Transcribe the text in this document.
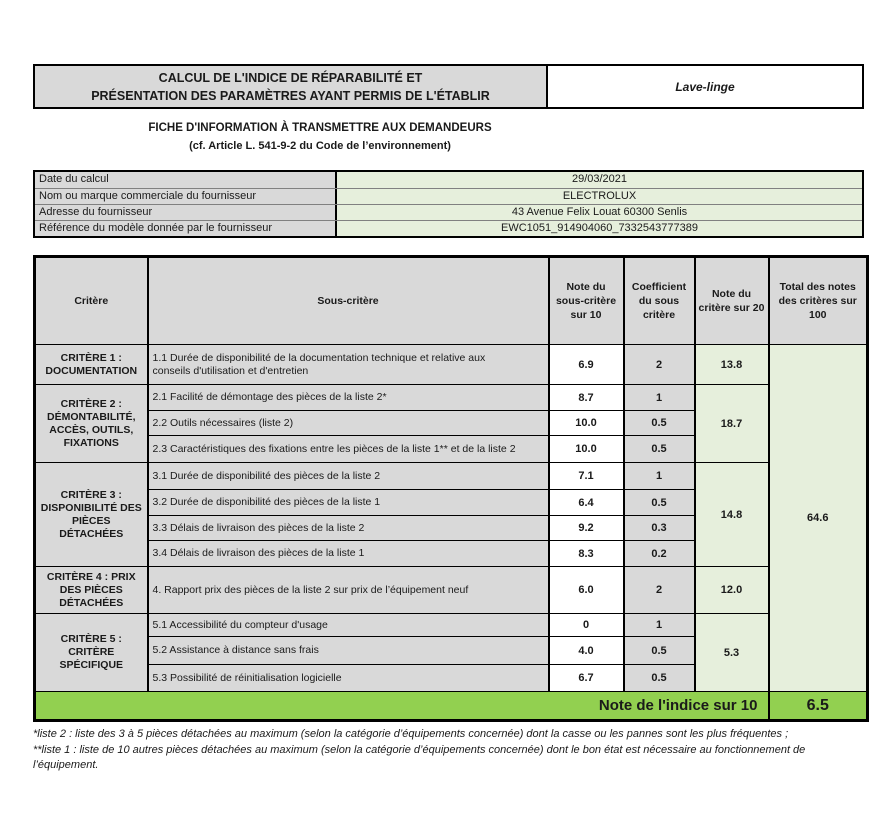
CALCUL DE L'INDICE DE RÉPARABILITÉ ET
PRÉSENTATION DES PARAMÈTRES AYANT PERMIS DE L'ÉTABLIR
Lave-linge
FICHE D'INFORMATION À TRANSMETTRE AUX DEMANDEURS
(cf. Article L. 541-9-2 du Code de l’environnement)
Date du calcul	29/03/2021
Nom ou marque commerciale du fournisseur	ELECTROLUX
Adresse du fournisseur	43 Avenue Felix Louat 60300 Senlis
Référence du modèle donnée par le fournisseur	EWC1051_914904060_7332543777389
Critère	Sous-critère	Note du sous-critère sur 10	Coefficient du sous critère	Note du critère sur 20	Total des notes des critères sur 100
CRITÈRE 1 : DOCUMENTATION	1.1 Durée de disponibilité de la documentation technique et relative aux conseils d'utilisation et d'entretien	6.9	2	13.8	64.6
CRITÈRE 2 : DÉMONTABILITÉ, ACCÈS, OUTILS, FIXATIONS	2.1 Facilité de démontage des pièces de la liste 2*	8.7	1	18.7	
	2.2 Outils nécessaires (liste 2)	10.0	0.5		
	2.3 Caractéristiques des fixations entre les pièces de la liste 1** et de la liste 2	10.0	0.5		
CRITÈRE 3 : DISPONIBILITÉ DES PIÈCES DÉTACHÉES	3.1 Durée de disponibilité des pièces de la liste 2	7.1	1	14.8	
	3.2 Durée de disponibilité des pièces de la liste 1	6.4	0.5		
	3.3 Délais de livraison des pièces de la liste 2	9.2	0.3		
	3.4 Délais de livraison des pièces de la liste 1	8.3	0.2		
CRITÈRE 4 : PRIX DES PIÈCES DÉTACHÉES	4. Rapport prix des pièces de la liste 2 sur prix de l’équipement neuf	6.0	2	12.0	
CRITÈRE 5 : CRITÈRE SPÉCIFIQUE	5.1 Accessibilité du compteur d'usage	0	1	5.3	
	5.2 Assistance à distance sans frais	4.0	0.5		
	5.3 Possibilité de réinitialisation logicielle	6.7	0.5		
Note de l'indice sur 10					6.5

*liste 2 : liste des 3 à 5 pièces détachées au maximum (selon la catégorie d’équipements concernée) dont la casse ou les pannes sont les plus fréquentes ;

**liste 1 : liste de 10 autres pièces détachées au maximum (selon la catégorie d’équipements concernée) dont le bon état est nécessaire au fonctionnement de l’équipement.
